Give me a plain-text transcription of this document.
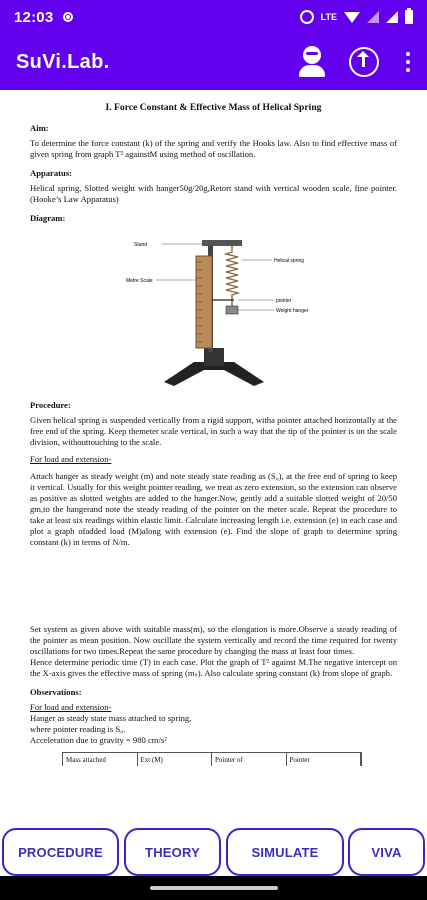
12:03	LTE
SuVi.Lab.
I. Force Constant & Effective Mass of Helical Spring
Aim:
To determine the force constant (k) of the spring and verify the Hooks law. Also to find effective mass of given spring from graph T² againstM using method of oscillation.
Apparatus:
Helical spring, Slotted weight with hanger50g/20g,Retort stand with vertical wooden scale, fine pointer.(Hooke’s Law Apparatus)
Diagram:
Stand
Helical spring
Metre Scale
pointer
Weight hanger
Procedure:
Given helical spring is suspended vertically from a rigid support, witha pointer attached horizontally at the free end of the spring. Keep themeter scale vertical, in such a way that the tip of the pointer is on the scale division, withouttouching to the scale.
For load and extension-
Attach hanger as steady weight (m) and note steady state reading as (S₀), at the free end of spring to keep it vertical. Usually for this weight pointer reading, we treat as zero extension, so the extension can observe as positive as slotted weights are added to the hanger.Now, gently add a suitable slotted weight of 20/50 gm,to the hangerand note the steady reading of the pointer on the meter scale. Repeat the procedure to take at least six readings within elastic limit. Calculate increasing length i.e. extension (e) in each case and plot a graph ofadded load (M)along with extension (e). Find the slope of graph to determine spring constant (k) in terms of N/m.
Set system as given above with suitable mass(m), so the elongation is more.Observe a steady reading of the pointer as mean position. Now oscillate the system vertically and record the time required for twenty oscillations for two times.Repeat the same procedure by changing the mass at least four times.
Hence determine periodic time (T) in each case. Plot the graph of T² against M.The negative intercept on the X-axis gives the effective mass of spring (mₛ). Also calculate spring constant (k) from slope of graph.
Observations:
For load and extension-
Hanger as steady state mass attached to spring,
where pointer reading is S₀.
Acceleration due to gravity = 980 cm/s²
Mass attached	Ext (M)	Pointer of	Pointer
PROCEDURE	THEORY	SIMULATE	VIVA
